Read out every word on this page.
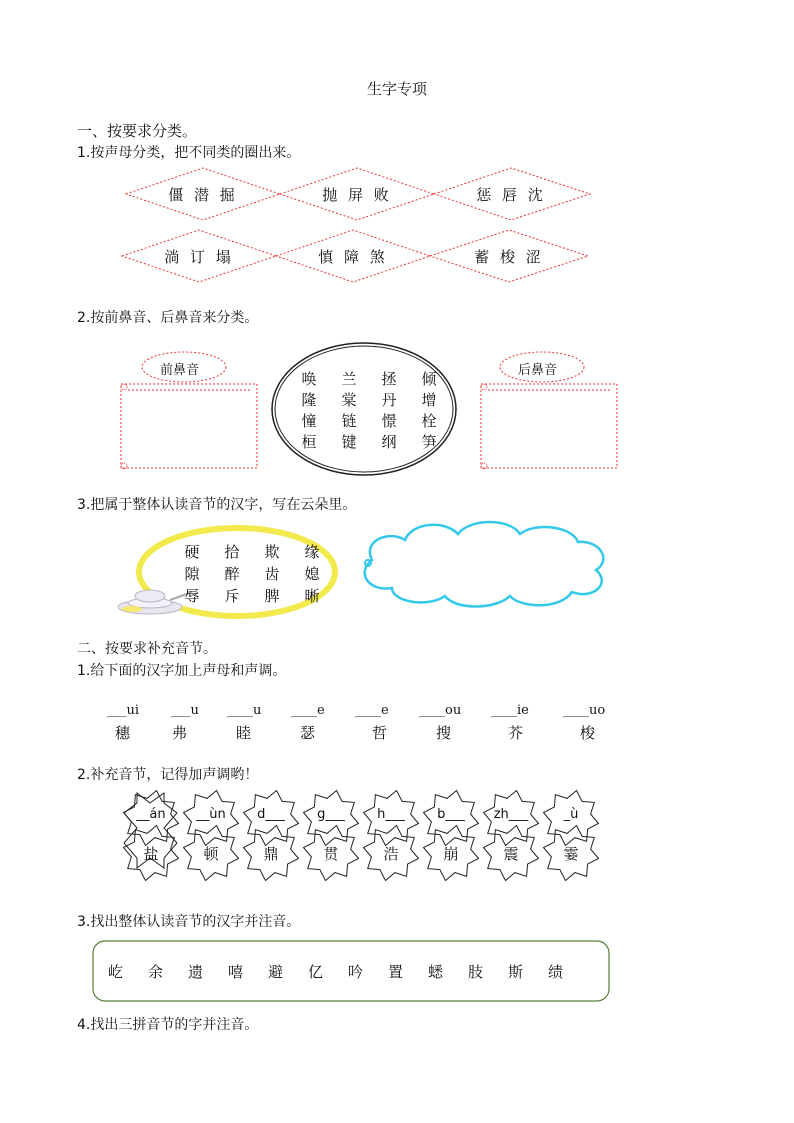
生字专项
一、按要求分类。
1.按声母分类，把不同类的圈出来。
僵 潜 掘	抛 屏 败	惩 唇 沈
淌 订 塌	慎 障 煞	蓄 梭 涩
2.按前鼻音、后鼻音来分类。
前鼻音	后鼻音
唤 兰 拯 倾
隆 棠 丹 增
憧 链 憬 栓
桓 键 纲 笋
3.把属于整体认读音节的汉字，写在云朵里。
硬 拾 欺 缘
隙 醉 齿 媳
辱 斥 脾 晰
二、按要求补充音节。
1.给下面的汉字加上声母和声调。
___ui
穗
___u
弗
____u
睦
____e
瑟
____e
哲
____ou
搜
____ie
芥
____uo
梭
2.补充音节，记得加声调哟！
__án
盐
__ùn
顿
d___
鼎
g___
贯
h___
浩
b___
崩
zh___
震
_ù
霎
3.找出整体认读音节的汉字并注音。
屹 余 遗 嘻 避 亿 吟 置 蟋 肢 斯 绩
4.找出三拼音节的字并注音。
